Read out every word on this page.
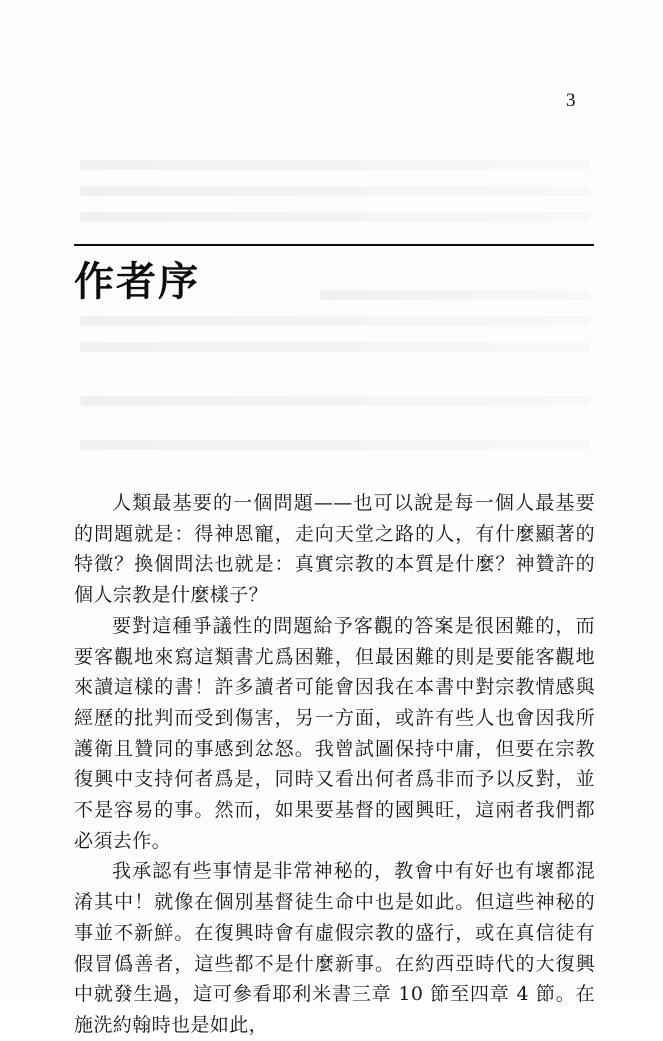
3
作者序

人類最基要的一個問題——也可以說是每一個人最基要的問題就是：得神恩寵，走向天堂之路的人，有什麼顯著的特徵？換個問法也就是：真實宗教的本質是什麼？神贊許的個人宗教是什麼樣子？

要對這種爭議性的問題給予客觀的答案是很困難的，而要客觀地來寫這類書尤爲困難，但最困難的則是要能客觀地來讀這樣的書！許多讀者可能會因我在本書中對宗教情感與經歷的批判而受到傷害，另一方面，或許有些人也會因我所護衛且贊同的事感到忿怒。我曾試圖保持中庸，但要在宗教復興中支持何者爲是，同時又看出何者爲非而予以反對，並不是容易的事。然而，如果要基督的國興旺，這兩者我們都必須去作。

我承認有些事情是非常神秘的，教會中有好也有壞都混淆其中！就像在個別基督徒生命中也是如此。但這些神秘的事並不新鮮。在復興時會有虛假宗教的盛行，或在真信徒有假冒僞善者，這些都不是什麼新事。在約西亞時代的大復興中就發生過，這可參看耶利米書三章 10 節至四章 4 節。在施洗約翰時也是如此，
